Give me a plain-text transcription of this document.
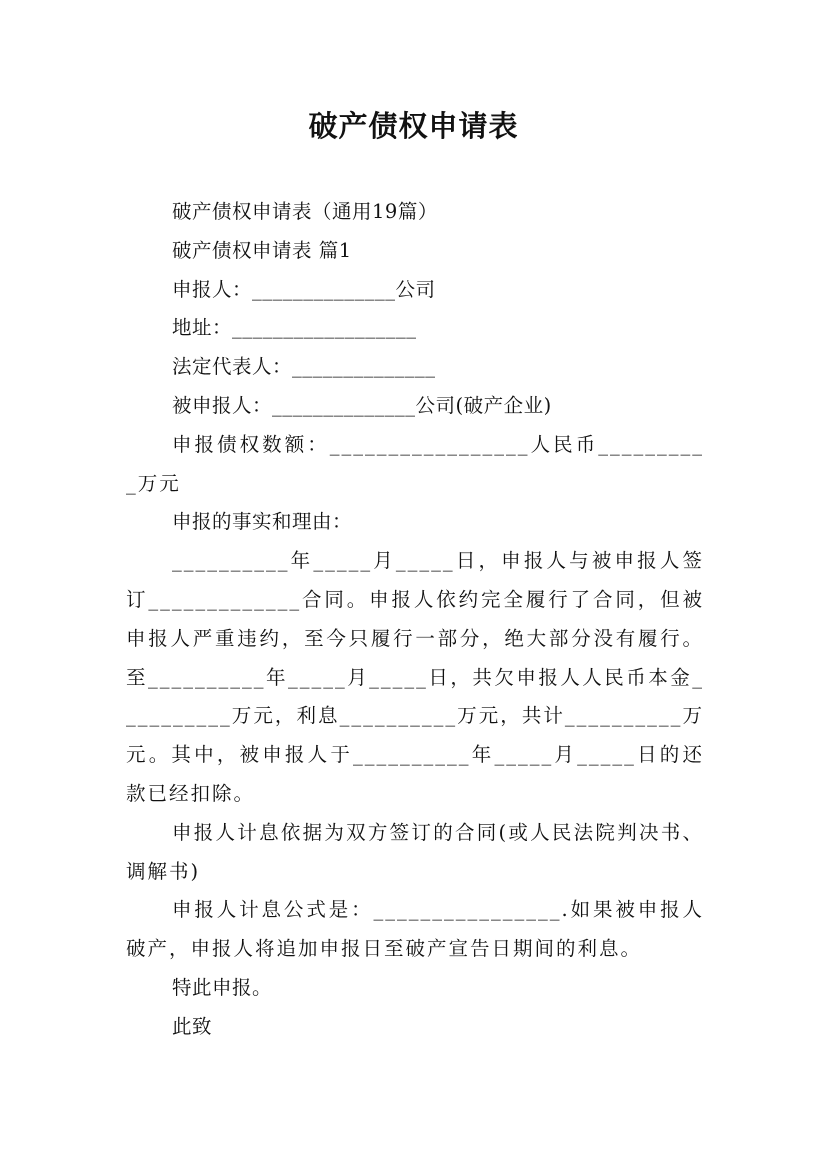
破产债权申请表

破产债权申请表（通用19篇）

破产债权申请表 篇1

申报人：______________公司

地址：__________________

法定代表人：______________

被申报人：______________公司(破产企业)

申报债权数额：_________________人民币__________万元

申报的事实和理由：

__________年_____月_____日，申报人与被申报人签订_____________合同。申报人依约完全履行了合同，但被申报人严重违约，至今只履行一部分，绝大部分没有履行。至__________年_____月_____日，共欠申报人人民币本金__________万元，利息__________万元，共计__________万元。其中，被申报人于__________年_____月_____日的还款已经扣除。

申报人计息依据为双方签订的合同(或人民法院判决书、调解书)

申报人计息公式是：________________.如果被申报人破产，申报人将追加申报日至破产宣告日期间的利息。

特此申报。

此致
